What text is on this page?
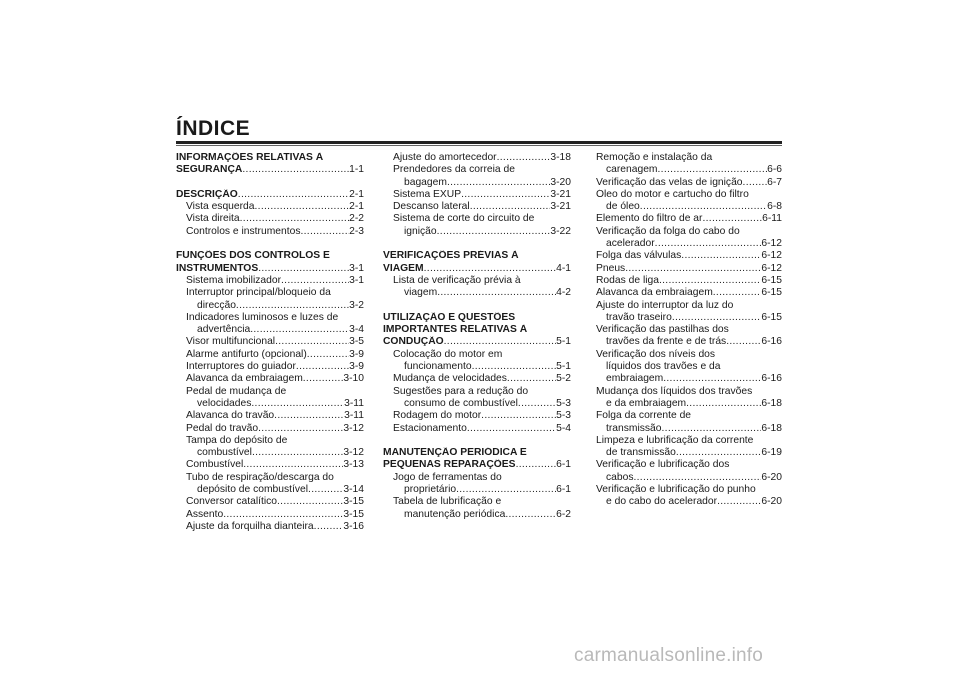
ÍNDICE
INFORMAÇÕES RELATIVAS À
SEGURANÇA .....	1-1
DESCRIÇÃO .....	2-1
Vista esquerda .....	2-1
Vista direita .....	2-2
Controlos e instrumentos .....	2-3
FUNÇÕES DOS CONTROLOS E
INSTRUMENTOS .....	3-1
Sistema imobilizador .....	3-1
Interruptor principal/bloqueio da
direcção .....	3-2
Indicadores luminosos e luzes de
advertência .....	3-4
Visor multifuncional .....	3-5
Alarme antifurto (opcional) .....	3-9
Interruptores do guiador .....	3-9
Alavanca da embraiagem .....	3-10
Pedal de mudança de
velocidades .....	3-11
Alavanca do travão .....	3-11
Pedal do travão .....	3-12
Tampa do depósito de
combustível .....	3-12
Combustível .....	3-13
Tubo de respiração/descarga do
depósito de combustível .....	3-14
Conversor catalítico .....	3-15
Assento .....	3-15
Ajuste da forquilha dianteira .....	3-16
Ajuste do amortecedor .....	3-18
Prendedores da correia de
bagagem .....	3-20
Sistema EXUP .....	3-21
Descanso lateral .....	3-21
Sistema de corte do circuito de
ignição .....	3-22
VERIFICAÇÕES PRÉVIAS À
VIAGEM .....	4-1
Lista de verificação prévia à
viagem .....	4-2
UTILIZAÇÃO E QUESTÕES
IMPORTANTES RELATIVAS À
CONDUÇÃO .....	5-1
Colocação do motor em
funcionamento .....	5-1
Mudança de velocidades .....	5-2
Sugestões para a redução do
consumo de combustível .....	5-3
Rodagem do motor .....	5-3
Estacionamento .....	5-4
MANUTENÇÃO PERIÓDICA E
PEQUENAS REPARAÇÕES .....	6-1
Jogo de ferramentas do
proprietário .....	6-1
Tabela de lubrificação e
manutenção periódica .....	6-2
Remoção e instalação da
carenagem .....	6-6
Verificação das velas de ignição ..... 6-7
Óleo do motor e cartucho do filtro
de óleo .....	6-8
Elemento do filtro de ar .....	6-11
Verificação da folga do cabo do
acelerador .....	6-12
Folga das válvulas .....	6-12
Pneus .....	6-12
Rodas de liga .....	6-15
Alavanca da embraiagem .....	6-15
Ajuste do interruptor da luz do
travão traseiro .....	6-15
Verificação das pastilhas dos
travões da frente e de trás .....	6-16
Verificação dos níveis dos
líquidos dos travões e da
embraiagem .....	6-16
Mudança dos líquidos dos travões
e da embraiagem .....	6-18
Folga da corrente de
transmissão .....	6-18
Limpeza e lubrificação da corrente
de transmissão .....	6-19
Verificação e lubrificação dos
cabos .....	6-20
Verificação e lubrificação do punho
e do cabo do acelerador .....	6-20
carmanualsonline.info
